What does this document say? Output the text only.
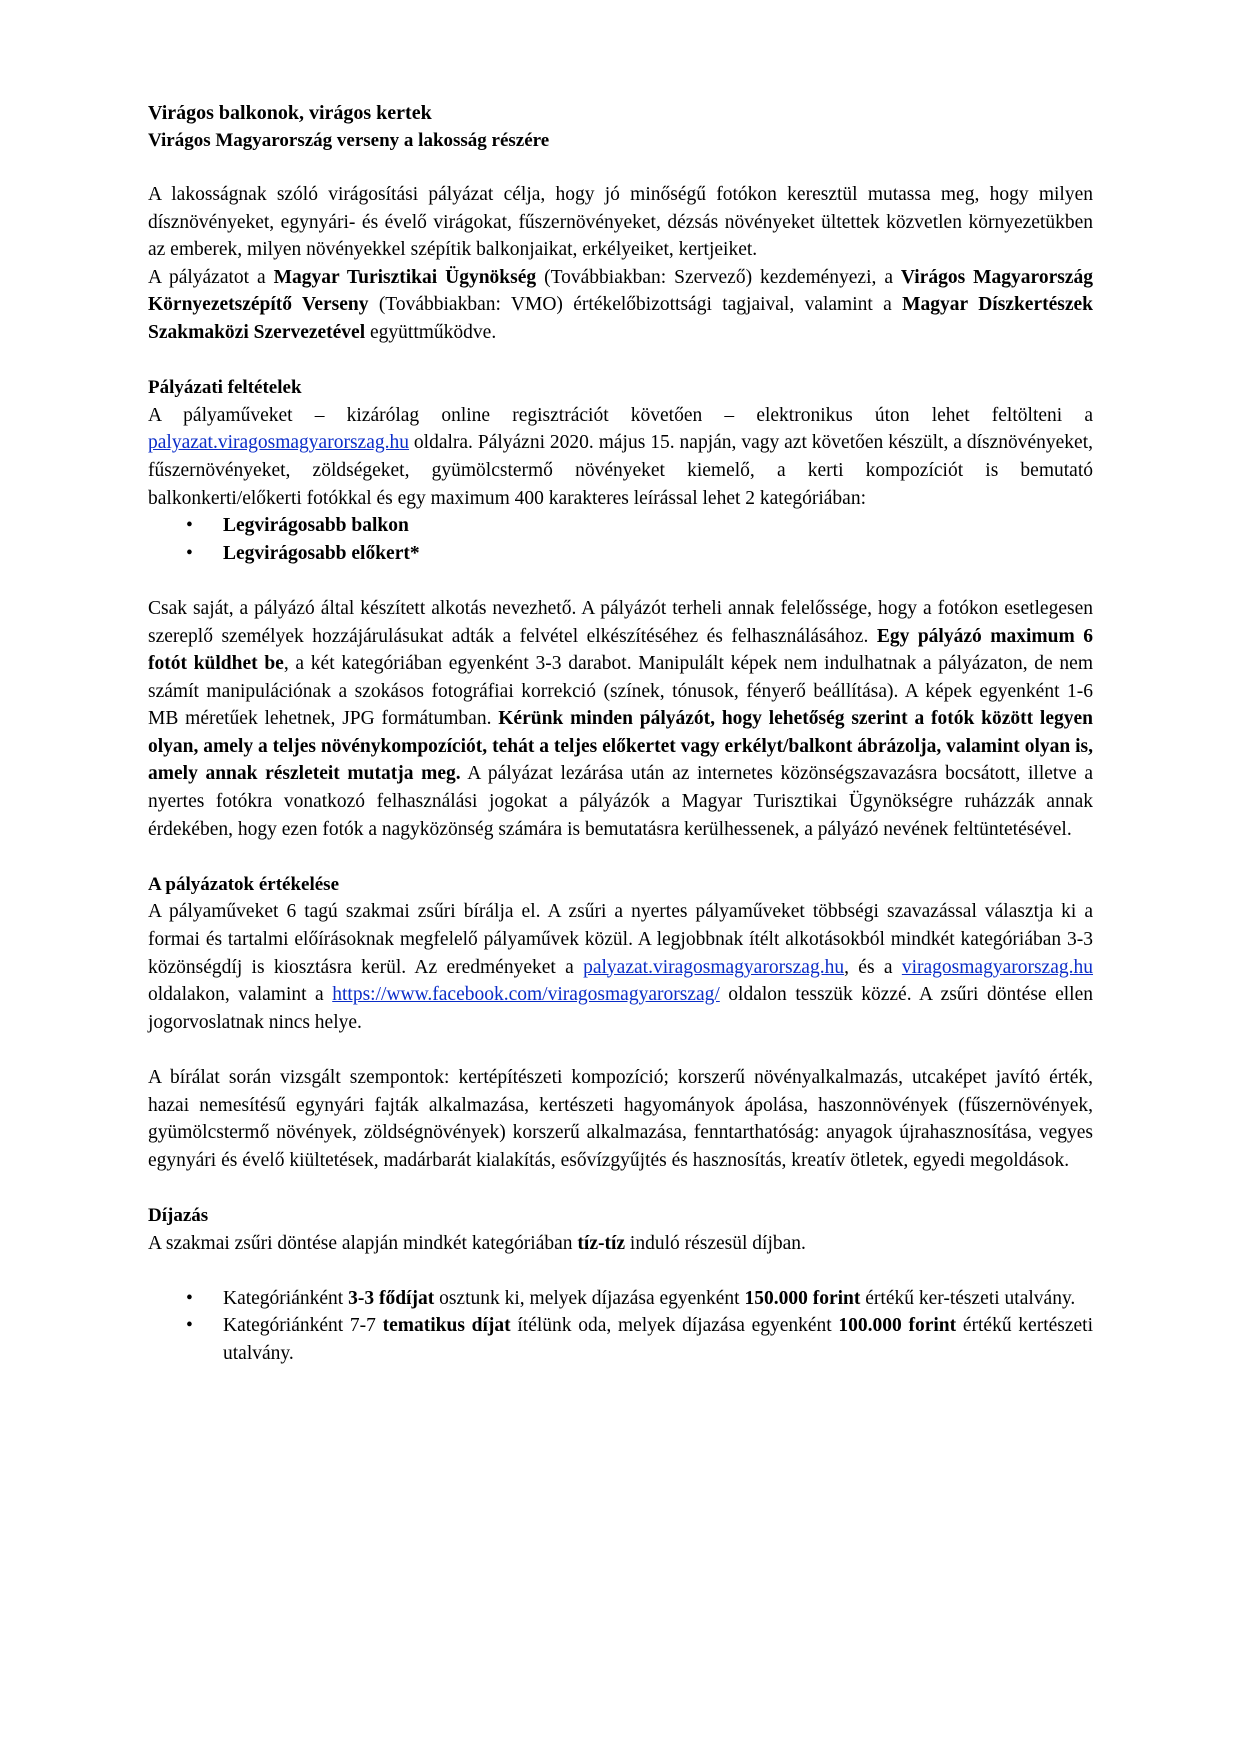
Virágos balkonok, virágos kertek
Virágos Magyarország verseny a lakosság részére

A lakosságnak szóló virágosítási pályázat célja, hogy jó minőségű fotókon keresztül mutassa meg, hogy milyen dísznövényeket, egynyári- és évelő virágokat, fűszernövényeket, dézsás növényeket ültettek közvetlen környezetükben az emberek, milyen növényekkel szépítik balkonjaikat, erkélyeiket, kertjeiket.

A pályázatot a Magyar Turisztikai Ügynökség (Továbbiakban: Szervező) kezdeményezi, a Virágos Magyarország Környezetszépítő Verseny (Továbbiakban: VMO) értékelőbizottsági tagjaival, valamint a Magyar Díszkertészek Szakmaközi Szervezetével együttműködve.

Pályázati feltételek

A pályaműveket – kizárólag online regisztrációt követően – elektronikus úton lehet feltölteni a palyazat.viragosmagyarorszag.hu oldalra. Pályázni 2020. május 15. napján, vagy azt követően készült, a dísznövényeket, fűszernövényeket, zöldségeket, gyümölcstermő növényeket kiemelő, a kerti kompozíciót is bemutató balkonkerti/előkerti fotókkal és egy maximum 400 karakteres leírással lehet 2 kategóriában:

• Legvirágosabb balkon
• Legvirágosabb előkert*

Csak saját, a pályázó által készített alkotás nevezhető. A pályázót terheli annak felelőssége, hogy a fotókon esetlegesen szereplő személyek hozzájárulásukat adták a felvétel elkészítéséhez és felhasználásához. Egy pályázó maximum 6 fotót küldhet be, a két kategóriában egyenként 3-3 darabot. Manipulált képek nem indulhatnak a pályázaton, de nem számít manipulációnak a szokásos fotográfiai korrekció (színek, tónusok, fényerő beállítása). A képek egyenként 1-6 MB méretűek lehetnek, JPG formátumban. Kérünk minden pályázót, hogy lehetőség szerint a fotók között legyen olyan, amely a teljes növénykompozíciót, tehát a teljes előkertet vagy erkélyt/balkont ábrázolja, valamint olyan is, amely annak részleteit mutatja meg. A pályázat lezárása után az internetes közönségszavazásra bocsátott, illetve a nyertes fotókra vonatkozó felhasználási jogokat a pályázók a Magyar Turisztikai Ügynökségre ruházzák annak érdekében, hogy ezen fotók a nagyközönség számára is bemutatásra kerülhessenek, a pályázó nevének feltüntetésével.

A pályázatok értékelése

A pályaműveket 6 tagú szakmai zsűri bírálja el. A zsűri a nyertes pályaműveket többségi szavazással választja ki a formai és tartalmi előírásoknak megfelelő pályaművek közül. A legjobbnak ítélt alkotásokból mindkét kategóriában 3-3 közönségdíj is kiosztásra kerül. Az eredményeket a palyazat.viragosmagyarorszag.hu, és a viragosmagyarorszag.hu oldalakon, valamint a https://www.facebook.com/viragosmagyarorszag/ oldalon tesszük közzé. A zsűri döntése ellen jogorvoslatnak nincs helye.

A bírálat során vizsgált szempontok: kertépítészeti kompozíció; korszerű növényalkalmazás, utcaképet javító érték, hazai nemesítésű egynyári fajták alkalmazása, kertészeti hagyományok ápolása, haszonnövények (fűszernövények, gyümölcstermő növények, zöldségnövények) korszerű alkalmazása, fenntarthatóság: anyagok újrahasznosítása, vegyes egynyári és évelő kiültetések, madárbarát kialakítás, esővízgyűjtés és hasznosítás, kreatív ötletek, egyedi megoldások.

Díjazás

A szakmai zsűri döntése alapján mindkét kategóriában tíz-tíz induló részesül díjban.

• Kategóriánként 3-3 fődíjat osztunk ki, melyek díjazása egyenként 150.000 forint értékű ker-tészeti utalvány.
• Kategóriánként 7-7 tematikus díjat ítélünk oda, melyek díjazása egyenként 100.000 forint értékű kertészeti utalvány.
